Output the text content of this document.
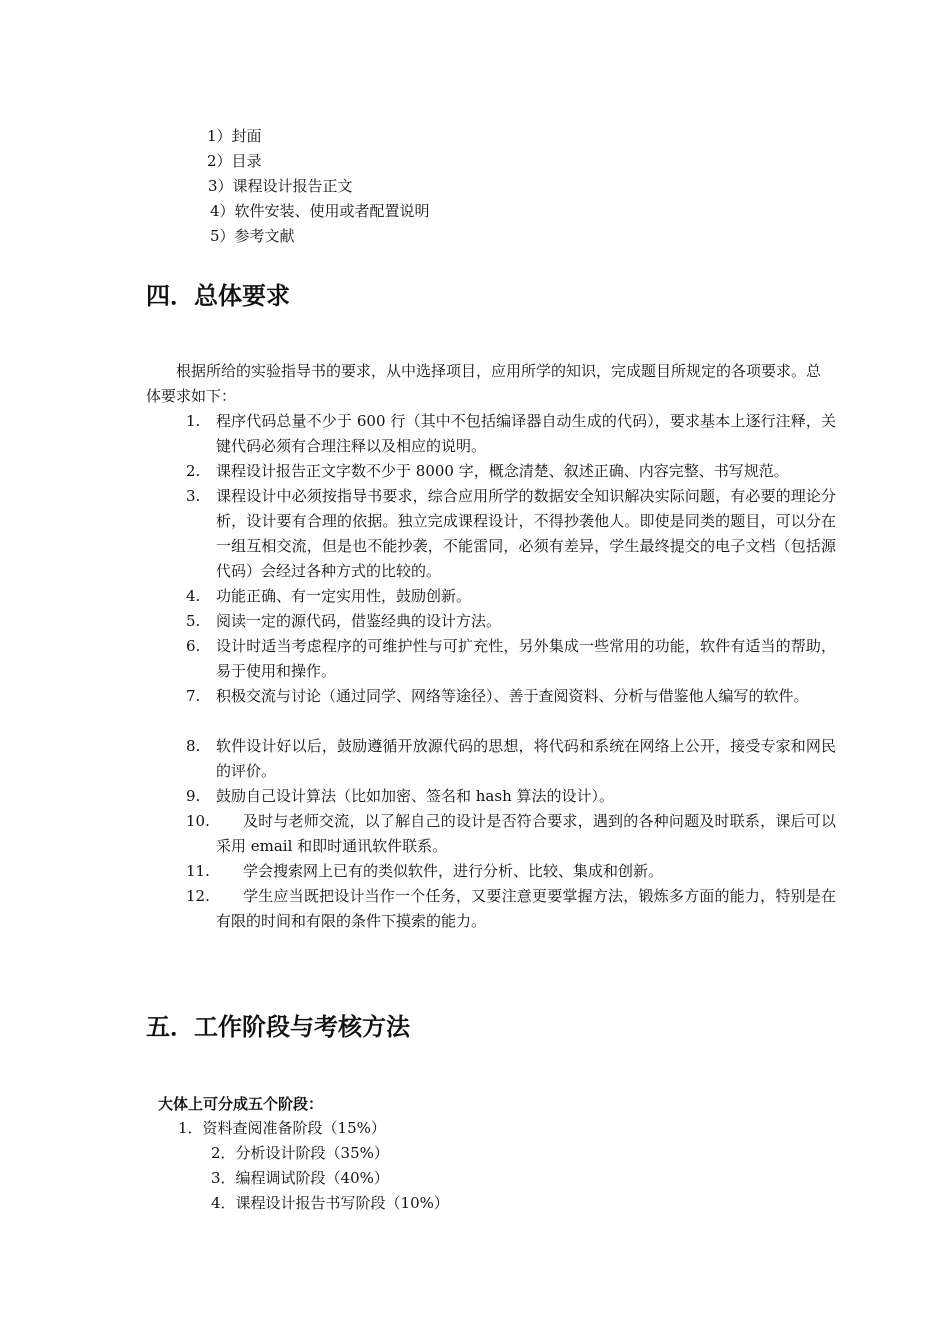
1）封面
2）目录
3）课程设计报告正文
4）软件安装、使用或者配置说明
5）参考文献
四．总体要求
根据所给的实验指导书的要求，从中选择项目，应用所学的知识，完成题目所规定的各项要求。总体要求如下：
1. 程序代码总量不少于 600 行（其中不包括编译器自动生成的代码），要求基本上逐行注释，关键代码必须有合理注释以及相应的说明。
2. 课程设计报告正文字数不少于 8000 字，概念清楚、叙述正确、内容完整、书写规范。
3. 课程设计中必须按指导书要求，综合应用所学的数据安全知识解决实际问题，有必要的理论分析，设计要有合理的依据。独立完成课程设计，不得抄袭他人。即使是同类的题目，可以分在一组互相交流，但是也不能抄袭，不能雷同，必须有差异，学生最终提交的电子文档（包括源代码）会经过各种方式的比较的。
4. 功能正确、有一定实用性，鼓励创新。
5. 阅读一定的源代码，借鉴经典的设计方法。
6. 设计时适当考虑程序的可维护性与可扩充性，另外集成一些常用的功能，软件有适当的帮助，易于使用和操作。
7. 积极交流与讨论（通过同学、网络等途径）、善于查阅资料、分析与借鉴他人编写的软件。
8. 软件设计好以后，鼓励遵循开放源代码的思想，将代码和系统在网络上公开，接受专家和网民的评价。
9. 鼓励自己设计算法（比如加密、签名和 hash 算法的设计）。
10.	及时与老师交流，以了解自己的设计是否符合要求，遇到的各种问题及时联系，课后可以采用 email 和即时通讯软件联系。
11.	学会搜索网上已有的类似软件，进行分析、比较、集成和创新。
12.	学生应当既把设计当作一个任务，又要注意更要掌握方法，锻炼多方面的能力，特别是在有限的时间和有限的条件下摸索的能力。
五．工作阶段与考核方法
大体上可分成五个阶段：
1．资料查阅准备阶段（15%）
2．分析设计阶段（35%）
3．编程调试阶段（40%）
4．课程设计报告书写阶段（10%）
